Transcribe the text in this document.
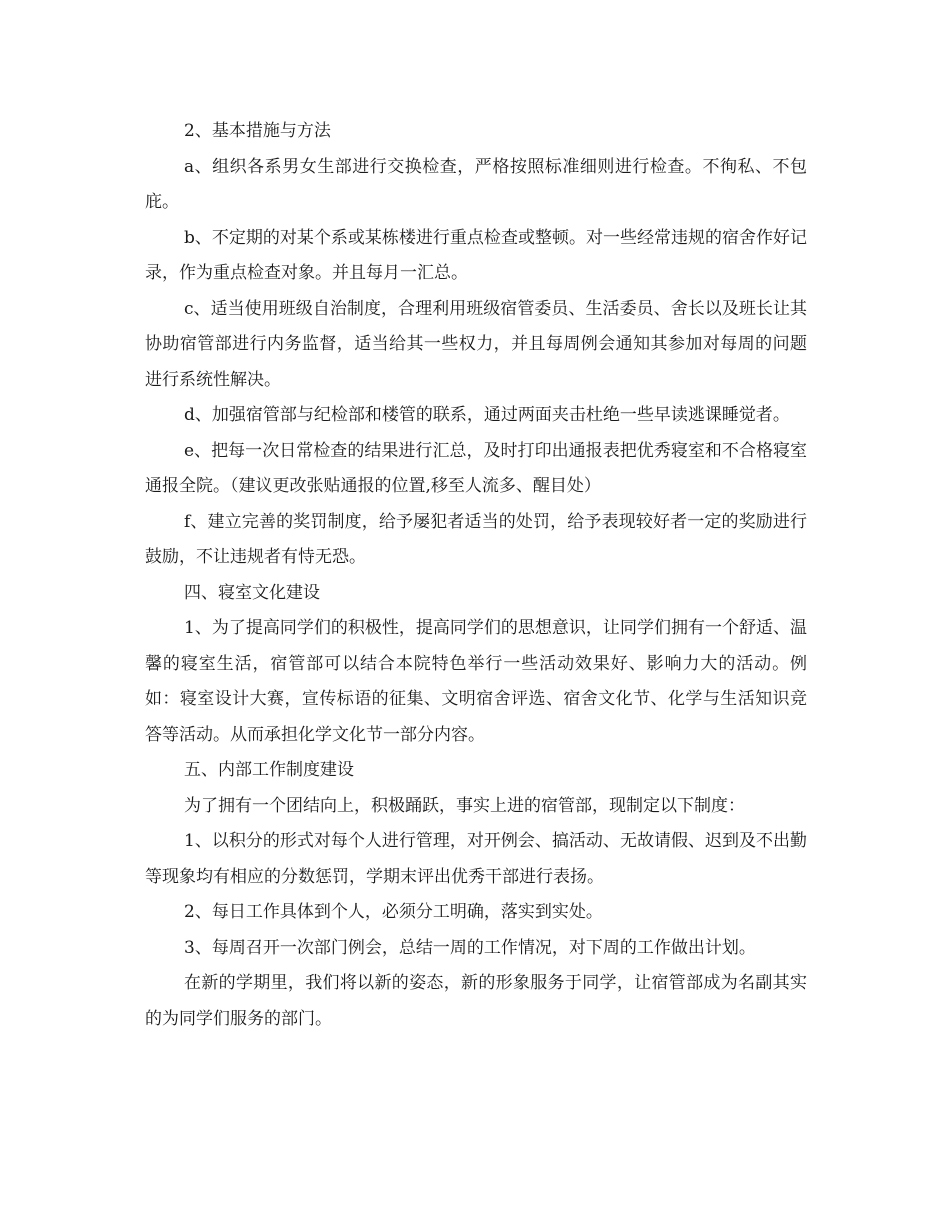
2、基本措施与方法

a、组织各系男女生部进行交换检查，严格按照标准细则进行检查。不徇私、不包庇。

b、不定期的对某个系或某栋楼进行重点检查或整顿。对一些经常违规的宿舍作好记录，作为重点检查对象。并且每月一汇总。

c、适当使用班级自治制度，合理利用班级宿管委员、生活委员、舍长以及班长让其协助宿管部进行内务监督，适当给其一些权力，并且每周例会通知其参加对每周的问题进行系统性解决。

d、加强宿管部与纪检部和楼管的联系，通过两面夹击杜绝一些早读逃课睡觉者。

e、把每一次日常检查的结果进行汇总，及时打印出通报表把优秀寝室和不合格寝室通报全院。（建议更改张贴通报的位置,移至人流多、醒目处）

f、建立完善的奖罚制度，给予屡犯者适当的处罚，给予表现较好者一定的奖励进行鼓励，不让违规者有恃无恐。

四、寝室文化建设

1、为了提高同学们的积极性，提高同学们的思想意识，让同学们拥有一个舒适、温馨的寝室生活，宿管部可以结合本院特色举行一些活动效果好、影响力大的活动。例如：寝室设计大赛，宣传标语的征集、文明宿舍评选、宿舍文化节、化学与生活知识竞答等活动。从而承担化学文化节一部分内容。

五、内部工作制度建设

为了拥有一个团结向上，积极踊跃，事实上进的宿管部，现制定以下制度：

1、以积分的形式对每个人进行管理，对开例会、搞活动、无故请假、迟到及不出勤等现象均有相应的分数惩罚，学期末评出优秀干部进行表扬。

2、每日工作具体到个人，必须分工明确，落实到实处。

3、每周召开一次部门例会，总结一周的工作情况，对下周的工作做出计划。

在新的学期里，我们将以新的姿态，新的形象服务于同学，让宿管部成为名副其实的为同学们服务的部门。
